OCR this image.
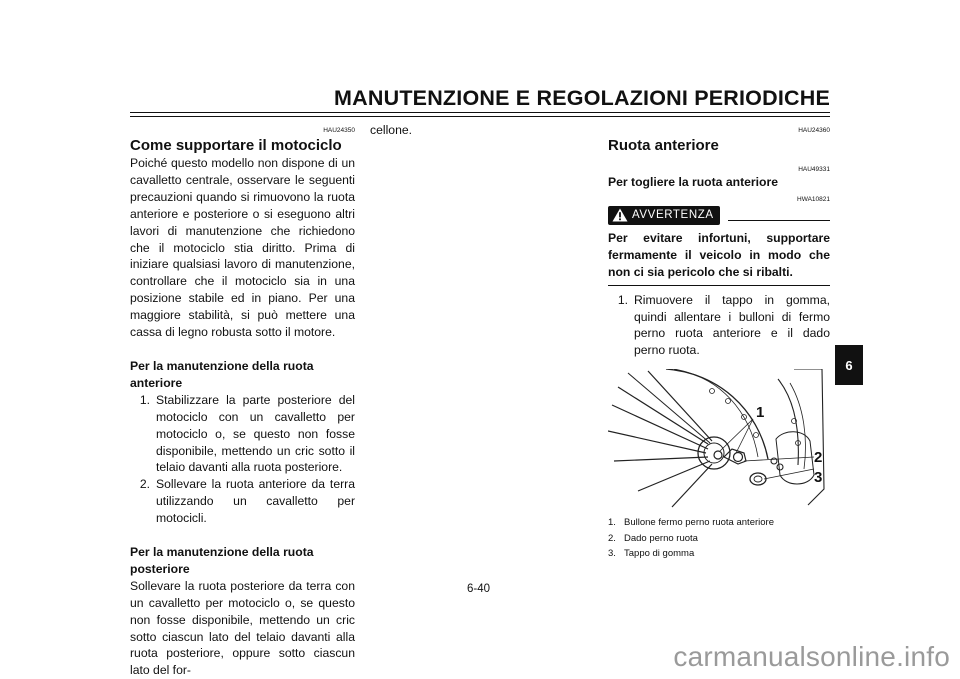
MANUTENZIONE E REGOLAZIONI PERIODICHE
HAU24350
Come supportare il motociclo
Poiché questo modello non dispone di un cavalletto centrale, osservare le seguenti precauzioni quando si rimuovono la ruota anteriore e posteriore o si eseguono altri lavori di manutenzione che richiedono che il motociclo stia diritto. Prima di iniziare qualsiasi lavoro di manutenzione, controllare che il motociclo sia in una posizione stabile ed in piano. Per una maggiore stabilità, si può mettere una cassa di legno robusta sotto il motore.
Per la manutenzione della ruota anteriore
1. Stabilizzare la parte posteriore del motociclo con un cavalletto per motociclo o, se questo non fosse disponibile, mettendo un cric sotto il telaio davanti alla ruota posteriore.
2. Sollevare la ruota anteriore da terra utilizzando un cavalletto per motocicli.
Per la manutenzione della ruota posteriore
Sollevare la ruota posteriore da terra con un cavalletto per motociclo o, se questo non fosse disponibile, mettendo un cric sotto ciascun lato del telaio davanti alla ruota posteriore, oppure sotto ciascun lato del for-
cellone.	HAU24360
Ruota anteriore
HAU49331
Per togliere la ruota anteriore
HWA10821
AVVERTENZA
Per evitare infortuni, supportare fermamente il veicolo in modo che non ci sia pericolo che si ribalti.
1. Rimuovere il tappo in gomma, quindi allentare i bulloni di fermo perno ruota anteriore e il dado perno ruota.
1
2
3
1. Bullone fermo perno ruota anteriore
2. Dado perno ruota
3. Tappo di gomma
6
6-40
carmanualsonline.info
